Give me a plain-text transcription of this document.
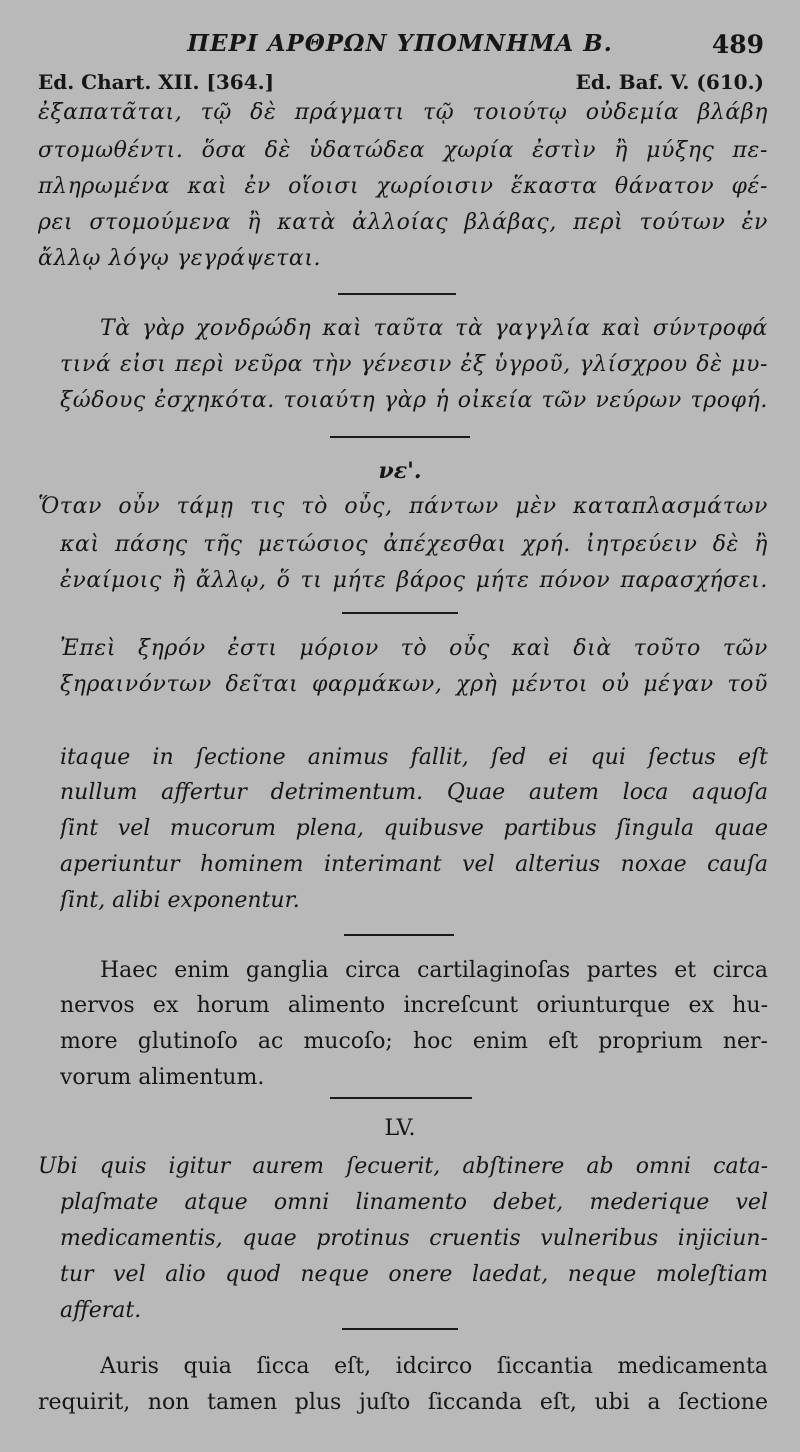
ΠΕΡΙ ΑΡΘΡΩΝ ΥΠΟΜΝΗΜΑ Β.	489
Ed. Chart. XII. [364.]	Ed. Baf. V. (610.)
ἐξαπατᾶται, τῷ δὲ πράγματι τῷ τοιούτῳ οὐδεμία βλάβη
στομωθέντι. ὅσα δὲ ὑδατώδεα χωρία ἐστὶν ἢ μύξης πε-
πληρωμένα καὶ ἐν οἵοισι χωρίοισιν ἕκαστα θάνατον φέ-
ρει στομούμενα ἢ κατὰ ἀλλοίας βλάβας, περὶ τούτων ἐν
ἄλλῳ λόγῳ γεγράψεται.
Τὰ γὰρ χονδρώδη καὶ ταῦτα τὰ γαγγλία καὶ σύντροφά
τινά εἰσι περὶ νεῦρα τὴν γένεσιν ἐξ ὑγροῦ, γλίσχρου δὲ μυ-
ξώδους ἐσχηκότα. τοιαύτη γὰρ ἡ οἰκεία τῶν νεύρων τροφή.
νε'.
Ὅταν οὖν τάμῃ τις τὸ οὖς, πάντων μὲν καταπλασμάτων
καὶ πάσης τῆς μετώσιος ἀπέχεσθαι χρή. ἰητρεύειν δὲ ἢ
ἐναίμοις ἢ ἄλλῳ, ὅ τι μήτε βάρος μήτε πόνον παρασχήσει.
Ἐπεὶ ξηρόν ἐστι μόριον τὸ οὖς καὶ διὰ τοῦτο τῶν
ξηραινόντων δεῖται φαρμάκων, χρὴ μέντοι οὐ μέγαν τοῦ
itaque in ſectione animus fallit, ſed ei qui ſectus eſt
nullum affertur detrimentum. Quae autem loca aquoſa
ſint vel mucorum plena, quibusve partibus ſingula quae
aperiuntur hominem interimant vel alterius noxae cauſa
ſint, alibi exponentur.
Haec enim ganglia circa cartilaginoſas partes et circa
nervos ex horum alimento increſcunt oriunturque ex hu-
more glutinoſo ac mucoſo; hoc enim eſt proprium ner-
vorum alimentum.
LV.
Ubi quis igitur aurem ſecuerit, abſtinere ab omni cata-
plaſmate atque omni linamento debet, mederique vel
medicamentis, quae protinus cruentis vulneribus injiciun-
tur vel alio quod neque onere laedat, neque moleſtiam
afferat.
Auris quia ſicca eſt, idcirco ſiccantia medicamenta
requirit, non tamen plus juſto ſiccanda eſt, ubi a ſectione
